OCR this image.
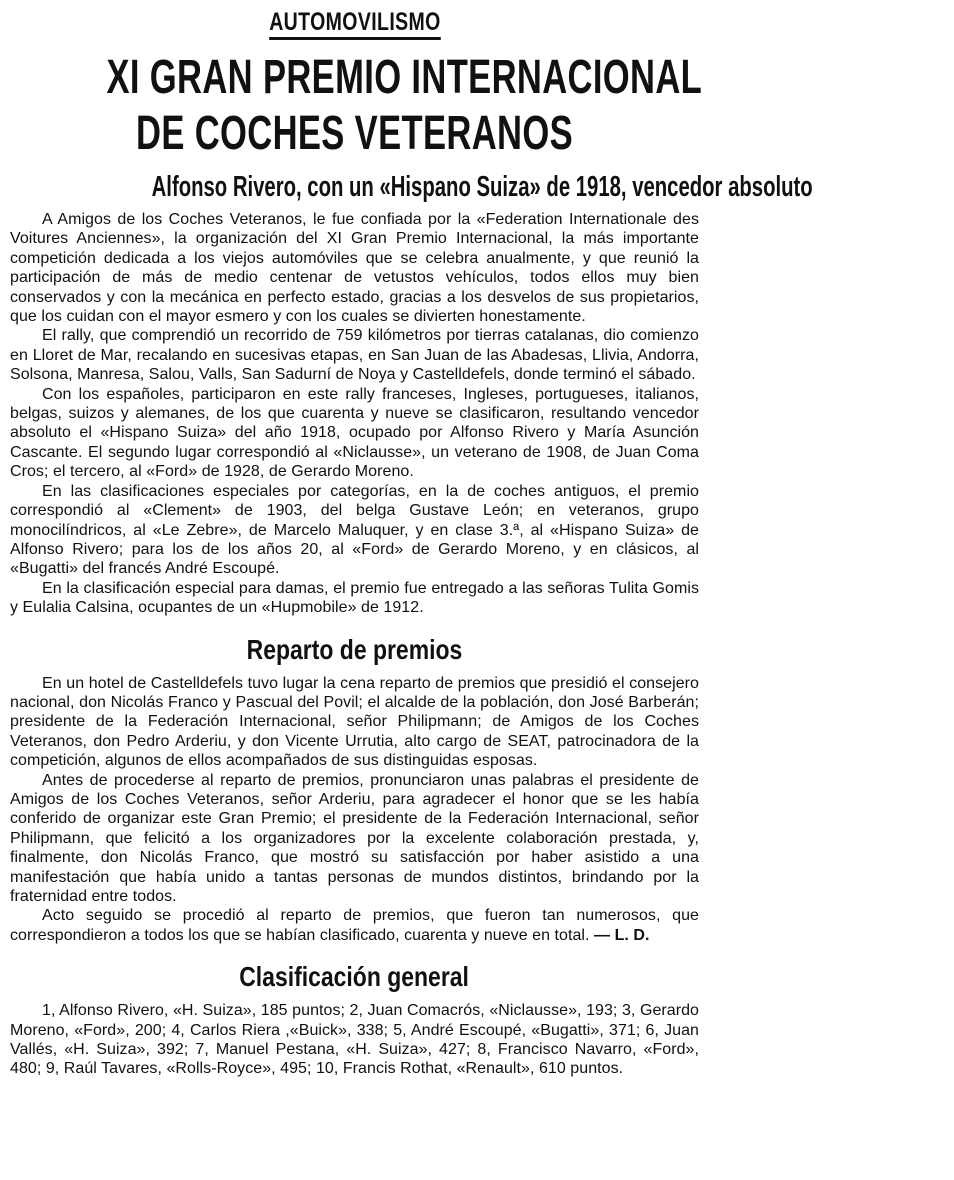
AUTOMOVILISMO
XI GRAN PREMIO INTERNACIONAL
DE COCHES VETERANOS
Alfonso Rivero, con un «Hispano Suiza» de 1918, vencedor absoluto

A Amigos de los Coches Veteranos, le fue confiada por la «Federation Internationale des Voitures Anciennes», la organización del XI Gran Premio Internacional, la más importante competición dedicada a los viejos automóviles que se celebra anualmente, y que reunió la participación de más de medio centenar de vetustos vehículos, todos ellos muy bien conservados y con la mecánica en perfecto estado, gracias a los desvelos de sus propietarios, que los cuidan con el mayor esmero y con los cuales se divierten honestamente.

El rally, que comprendió un recorrido de 759 kilómetros por tierras catalanas, dio comienzo en Lloret de Mar, recalando en sucesivas etapas, en San Juan de las Abadesas, Llivia, Andorra, Solsona, Manresa, Salou, Valls, San Sadurní de Noya y Castelldefels, donde terminó el sábado.

Con los españoles, participaron en este rally franceses, Ingleses, portugueses, italianos, belgas, suizos y alemanes, de los que cuarenta y nueve se clasificaron, resultando vencedor absoluto el «Hispano Suiza» del año 1918, ocupado por Alfonso Rivero y María Asunción Cascante. El segundo lugar correspondió al «Niclausse», un veterano de 1908, de Juan Coma Cros; el tercero, al «Ford» de 1928, de Gerardo Moreno.

En las clasificaciones especiales por categorías, en la de coches antiguos, el premio correspondió al «Clement» de 1903, del belga Gustave León; en veteranos, grupo monocilíndricos, al «Le Zebre», de Marcelo Maluquer, y en clase 3.ª, al «Hispano Suiza» de Alfonso Rivero; para los de los años 20, al «Ford» de Gerardo Moreno, y en clásicos, al «Bugatti» del francés André Escoupé.

En la clasificación especial para damas, el premio fue entregado a las señoras Tulita Gomis y Eulalia Calsina, ocupantes de un «Hupmobile» de 1912.

Reparto de premios

En un hotel de Castelldefels tuvo lugar la cena reparto de premios que presidió el consejero nacional, don Nicolás Franco y Pascual del Povil; el alcalde de la población, don José Barberán; presidente de la Federación Internacional, señor Philipmann; de Amigos de los Coches Veteranos, don Pedro Arderiu, y don Vicente Urrutia, alto cargo de SEAT, patrocinadora de la competición, algunos de ellos acompañados de sus distinguidas esposas.

Antes de procederse al reparto de premios, pronunciaron unas palabras el presidente de Amigos de los Coches Veteranos, señor Arderiu, para agradecer el honor que se les había conferido de organizar este Gran Premio; el presidente de la Federación Internacional, señor Philipmann, que felicitó a los organizadores por la excelente colaboración prestada, y, finalmente, don Nicolás Franco, que mostró su satisfacción por haber asistido a una manifestación que había unido a tantas personas de mundos distintos, brindando por la fraternidad entre todos.

Acto seguido se procedió al reparto de premios, que fueron tan numerosos, que correspondieron a todos los que se habían clasificado, cuarenta y nueve en total. — L. D.

Clasificación general

1, Alfonso Rivero, «H. Suiza», 185 puntos; 2, Juan Comacrós, «Niclausse», 193; 3, Gerardo Moreno, «Ford», 200; 4, Carlos Riera ,«Buick», 338; 5, André Escoupé, «Bugatti», 371; 6, Juan Vallés, «H. Suiza», 392; 7, Manuel Pestana, «H. Suiza», 427; 8, Francisco Navarro, «Ford», 480; 9, Raúl Tavares, «Rolls-Royce», 495; 10, Francis Rothat, «Renault», 610 puntos.
